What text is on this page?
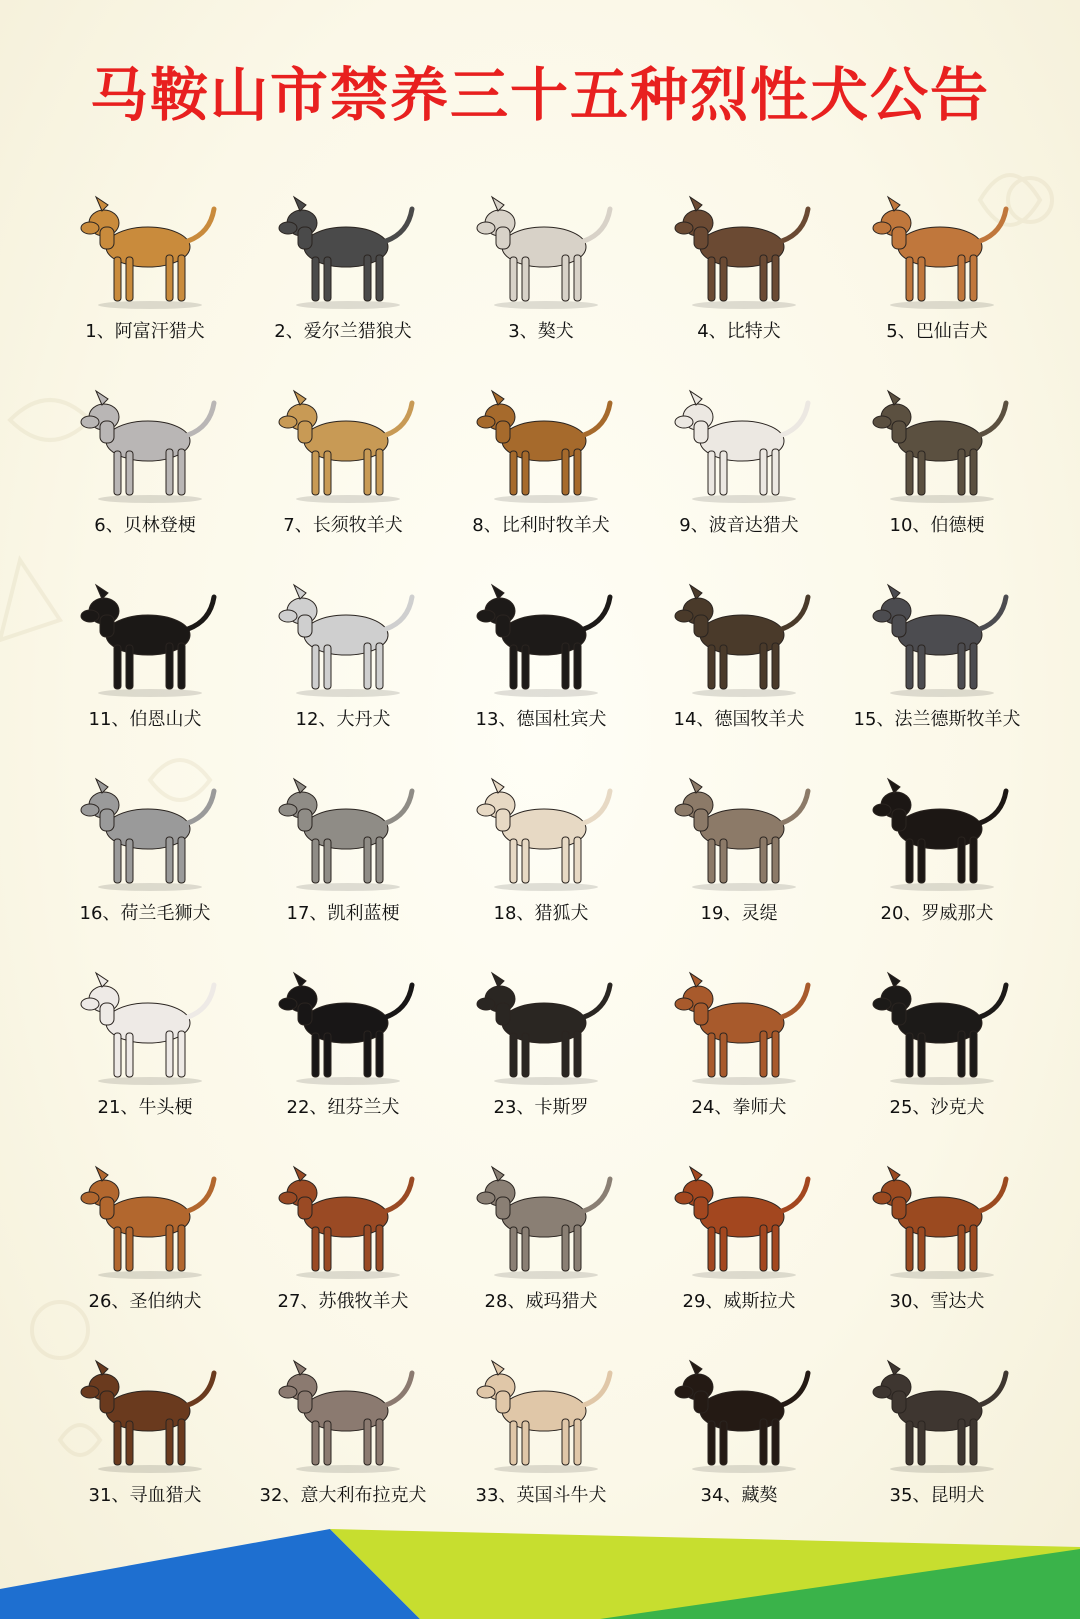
马鞍山市禁养三十五种烈性犬公告
1、阿富汗猎犬	2、爱尔兰猎狼犬	3、獒犬	4、比特犬	5、巴仙吉犬
6、贝林登梗	7、长须牧羊犬	8、比利时牧羊犬	9、波音达猎犬	10、伯德梗
11、伯恩山犬	12、大丹犬	13、德国杜宾犬	14、德国牧羊犬	15、法兰德斯牧羊犬
16、荷兰毛狮犬	17、凯利蓝梗	18、猎狐犬	19、灵缇	20、罗威那犬
21、牛头梗	22、纽芬兰犬	23、卡斯罗	24、拳师犬	25、沙克犬
26、圣伯纳犬	27、苏俄牧羊犬	28、威玛猎犬	29、威斯拉犬	30、雪达犬
31、寻血猎犬	32、意大利布拉克犬	33、英国斗牛犬	34、藏獒	35、昆明犬
